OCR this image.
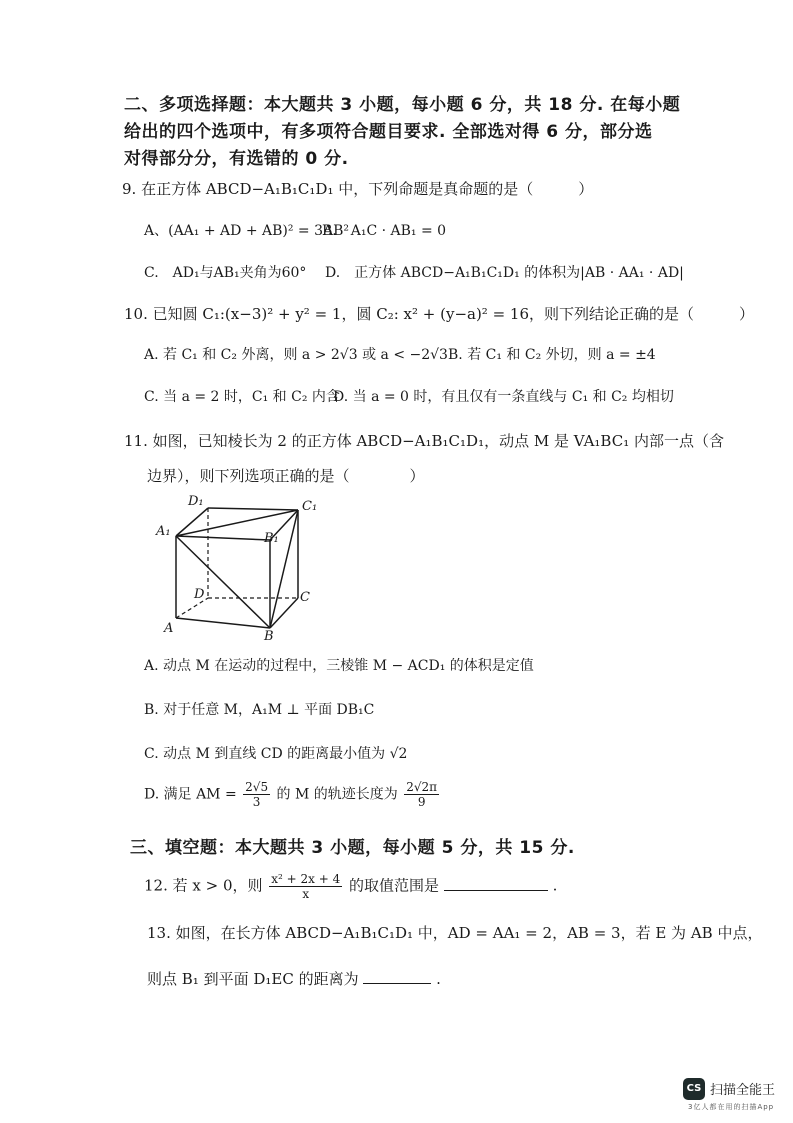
二、多项选择题：本大题共 3 小题，每小题 6 分，共 18 分. 在每小题
给出的四个选项中，有多项符合题目要求. 全部选对得 6 分，部分选
对得部分分，有选错的 0 分.
9. 在正方体 ABCD−A₁B₁C₁D₁ 中，下列命题是真命题的是（　　　）
A、(AA₁ + AD + AB)² = 3AB²
B.　A₁C · AB₁ = 0
C.　AD₁与AB₁夹角为60° D.　正方体 ABCD−A₁B₁C₁D₁ 的体积为|AB · AA₁ · AD|
10. 已知圆 C₁:(x−3)² + y² = 1，圆 C₂: x² + (y−a)² = 16，则下列结论正确的是（　　　）
A. 若 C₁ 和 C₂ 外离，则 a > 2√3 或 a < −2√3 B. 若 C₁ 和 C₂ 外切，则 a = ±4
C. 当 a = 2 时，C₁ 和 C₂ 内含
D. 当 a = 0 时，有且仅有一条直线与 C₁ 和 C₂ 均相切
11. 如图，已知棱长为 2 的正方体 ABCD−A₁B₁C₁D₁，动点 M 是 VA₁BC₁ 内部一点（含
边界），则下列选项正确的是（　　　　）
D₁	C₁
A₁	B₁
D	C
A
B
A. 动点 M 在运动的过程中，三棱锥 M − ACD₁ 的体积是定值
B. 对于任意 M，A₁M ⊥ 平面 DB₁C
C. 动点 M 到直线 CD 的距离最小值为 √2
D. 满足 AM = $\frac{2√5}{3}$ 的 M 的轨迹长度为 $\frac{2√2\pi}{9}$
三、填空题：本大题共 3 小题，每小题 5 分，共 15 分.
12. 若 x > 0，则 $\frac{\text{x² + 2x + 4}}{x}$ 的取值范围是	.
13. 如图，在长方体 ABCD−A₁B₁C₁D₁ 中，AD = AA₁ = 2，AB = 3，若 E 为 AB 中点，
则点 B₁ 到平面 D₁EC 的距离为	.
CS 扫描全能王
3亿人都在用的扫描App
